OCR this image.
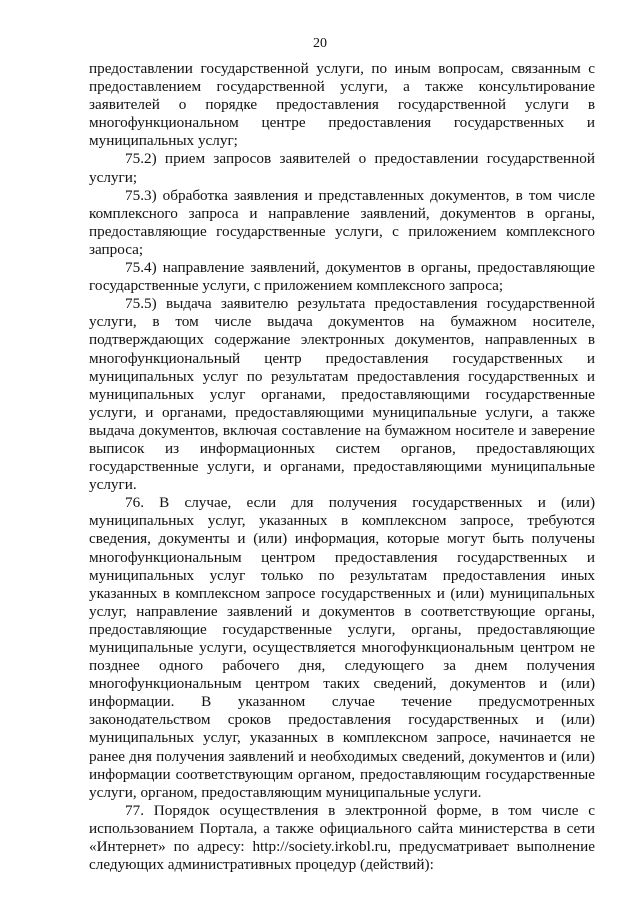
20

предоставлении государственной услуги, по иным вопросам, связанным с предоставлением государственной услуги, а также консультирование заявителей о порядке предоставления государственной услуги в многофункциональном центре предоставления государственных и муниципальных услуг;

75.2) прием запросов заявителей о предоставлении государственной услуги;

75.3) обработка заявления и представленных документов, в том числе комплексного запроса и направление заявлений, документов в органы, предоставляющие государственные услуги, с приложением комплексного запроса;

75.4) направление заявлений, документов в органы, предоставляющие государственные услуги, с приложением комплексного запроса;

75.5) выдача заявителю результата предоставления государственной услуги, в том числе выдача документов на бумажном носителе, подтверждающих содержание электронных документов, направленных в многофункциональный центр предоставления государственных и муниципальных услуг по результатам предоставления государственных и муниципальных услуг органами, предоставляющими государственные услуги, и органами, предоставляющими муниципальные услуги, а также выдача документов, включая составление на бумажном носителе и заверение выписок из информационных систем органов, предоставляющих государственные услуги, и органами, предоставляющими муниципальные услуги.

76. В случае, если для получения государственных и (или) муниципальных услуг, указанных в комплексном запросе, требуются сведения, документы и (или) информация, которые могут быть получены многофункциональным центром предоставления государственных и муниципальных услуг только по результатам предоставления иных указанных в комплексном запросе государственных и (или) муниципальных услуг, направление заявлений и документов в соответствующие органы, предоставляющие государственные услуги, органы, предоставляющие муниципальные услуги, осуществляется многофункциональным центром не позднее одного рабочего дня, следующего за днем получения многофункциональным центром таких сведений, документов и (или) информации. В указанном случае течение предусмотренных законодательством сроков предоставления государственных и (или) муниципальных услуг, указанных в комплексном запросе, начинается не ранее дня получения заявлений и необходимых сведений, документов и (или) информации соответствующим органом, предоставляющим государственные услуги, органом, предоставляющим муниципальные услуги.

77. Порядок осуществления в электронной форме, в том числе с использованием Портала, а также официального сайта министерства в сети «Интернет» по адресу: http://society.irkobl.ru, предусматривает выполнение следующих административных процедур (действий):
